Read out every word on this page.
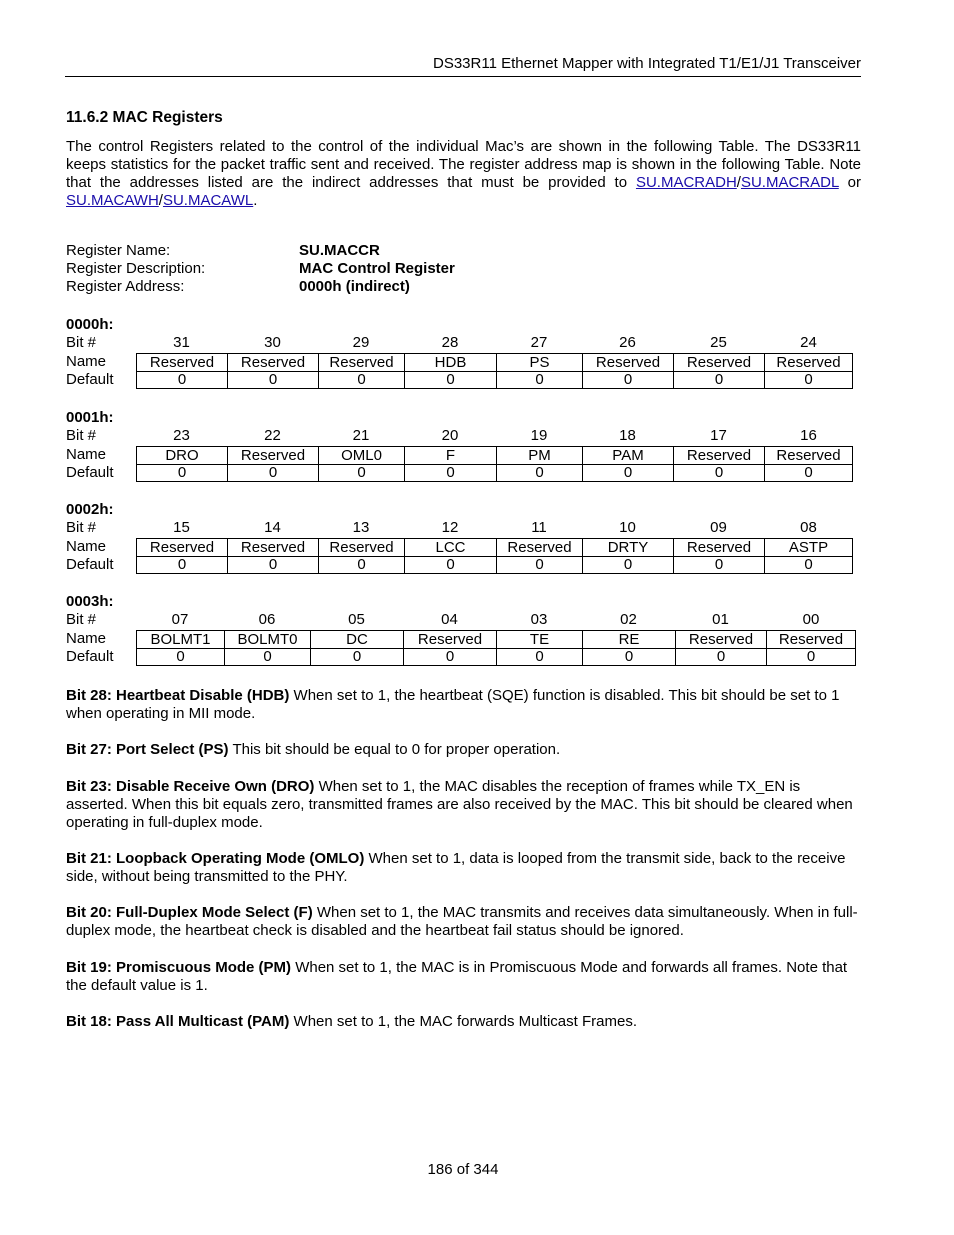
DS33R11 Ethernet Mapper with Integrated T1/E1/J1 Transceiver
11.6.2 MAC Registers

The control Registers related to the control of the individual Mac’s are shown in the following Table. The DS33R11 keeps statistics for the packet traffic sent and received. The register address map is shown in the following Table. Note that the addresses listed are the indirect addresses that must be provided to SU.MACRADH/SU.MACRADL or SU.MACAWH/SU.MACAWL.

Register Name:	SU.MACCR
Register Description:	MAC Control Register
Register Address:	0000h (indirect)
0000h:
Bit #	31	30	29	28	27	26	25	24
Name	Reserved	Reserved	Reserved	HDB	PS	Reserved	Reserved	Reserved
Default	0	0	0	0	0	0	0	0
0001h:
Bit #	23	22	21	20	19	18	17	16
Name	DRO	Reserved	OML0	F	PM	PAM	Reserved	Reserved
Default	0	0	0	0	0	0	0	0
0002h:
Bit #	15	14	13	12	11	10	09	08
Name	Reserved	Reserved	Reserved	LCC	Reserved	DRTY	Reserved	ASTP
Default	0	0	0	0	0	0	0	0
0003h:
Bit #	07	06	05	04	03	02	01	00
Name	BOLMT1	BOLMT0	DC	Reserved	TE	RE	Reserved	Reserved
Default	0	0	0	0	0	0	0	0

Bit 28: Heartbeat Disable (HDB) When set to 1, the heartbeat (SQE) function is disabled. This bit should be set to 1 when operating in MII mode.

Bit 27: Port Select (PS) This bit should be equal to 0 for proper operation.

Bit 23: Disable Receive Own (DRO) When set to 1, the MAC disables the reception of frames while TX_EN is asserted. When this bit equals zero, transmitted frames are also received by the MAC. This bit should be cleared when operating in full-duplex mode.

Bit 21: Loopback Operating Mode (OMLO) When set to 1, data is looped from the transmit side, back to the receive side, without being transmitted to the PHY.

Bit 20: Full-Duplex Mode Select (F) When set to 1, the MAC transmits and receives data simultaneously. When in full-duplex mode, the heartbeat check is disabled and the heartbeat fail status should be ignored.

Bit 19: Promiscuous Mode (PM) When set to 1, the MAC is in Promiscuous Mode and forwards all frames. Note that the default value is 1.

Bit 18: Pass All Multicast (PAM) When set to 1, the MAC forwards Multicast Frames.

186 of 344
